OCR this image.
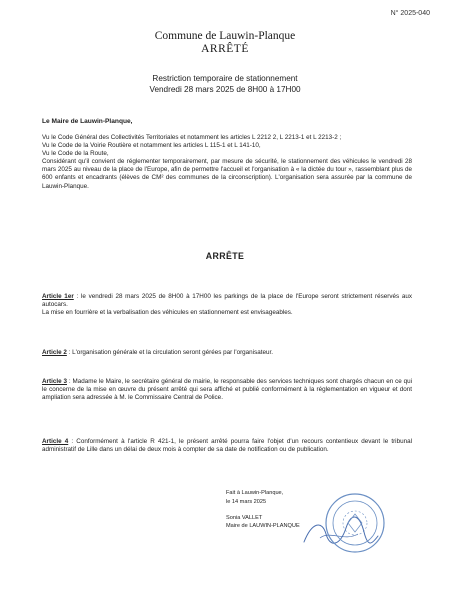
N° 2025-040
Commune de Lauwin-Planque
ARRÊTÉ
Restriction temporaire de stationnement
Vendredi 28 mars 2025 de 8H00 à 17H00
Le Maire de Lauwin-Planque,

Vu le Code Général des Collectivités Territoriales et notamment les articles L 2212 2, L 2213-1 et L 2213-2 ;

Vu le Code de la Voirie Routière et notamment les articles L 115-1 et L 141-10,

Vu le Code de la Route,

Considérant qu'il convient de réglementer temporairement, par mesure de sécurité, le stationnement des véhicules le vendredi 28 mars 2025 au niveau de la place de l'Europe, afin de permettre l'accueil et l'organisation à « la dictée du tour », rassemblant plus de 600 enfants et encadrants (élèves de CM² des communes de la circonscription). L'organisation sera assurée par la commune de Lauwin-Planque.

ARRÊTE

Article 1er : le vendredi 28 mars 2025 de 8H00 à 17H00 les parkings de la place de l'Europe seront strictement réservés aux autocars.

La mise en fourrière et la verbalisation des véhicules en stationnement est envisageables.

Article 2 : L'organisation générale et la circulation seront gérées par l'organisateur.

Article 3 : Madame le Maire, le secrétaire général de mairie, le responsable des services techniques sont chargés chacun en ce qui le concerne de la mise en œuvre du présent arrêté qui sera affiché et publié conformément à la réglementation en vigueur et dont ampliation sera adressée à M. le Commissaire Central de Police.

Article 4 : Conformément à l'article R 421-1, le présent arrêté pourra faire l'objet d'un recours contentieux devant le tribunal administratif de Lille dans un délai de deux mois à compter de sa date de notification ou de publication.

Fait à Lauwin-Planque,
le 14 mars 2025
Sonia VALLET
Maire de LAUWIN-PLANQUE
